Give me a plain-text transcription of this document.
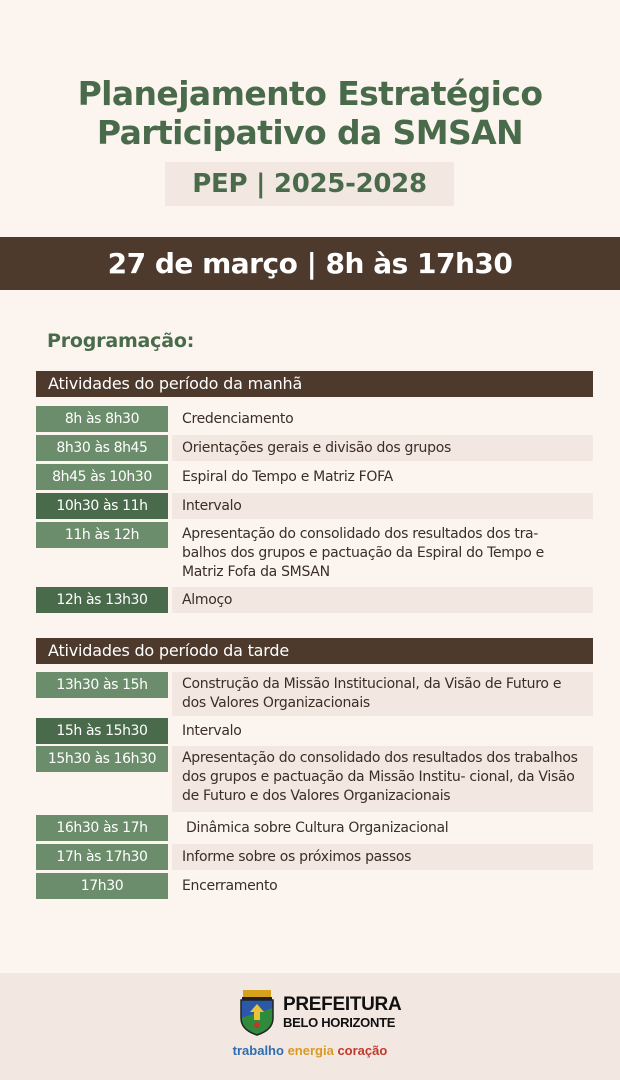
Planejamento Estratégico
Participativo da SMSAN
PEP | 2025-2028
27 de março | 8h às 17h30
Programação:
Atividades do período da manhã
8h às 8h30	Credenciamento
8h30 às 8h45	Orientações gerais e divisão dos grupos
8h45 às 10h30	Espiral do Tempo e Matriz FOFA
10h30 às 11h	Intervalo
11h às 12h	Apresentação do consolidado dos resultados dos tra- balhos dos grupos e pactuação da Espiral do Tempo e Matriz Fofa da SMSAN
12h às 13h30	Almoço
Atividades do período da tarde
13h30 às 15h	Construção da Missão Institucional, da Visão de Futuro e dos Valores Organizacionais
15h às 15h30	Intervalo
15h30 às 16h30	Apresentação do consolidado dos resultados dos trabalhos dos grupos e pactuação da Missão Institu- cional, da Visão de Futuro e dos Valores Organizacionais
16h30 às 17h	Dinâmica sobre Cultura Organizacional
17h às 17h30	Informe sobre os próximos passos
17h30	Encerramento
PREFEITURA
BELO HORIZONTE
trabalho energia coração
